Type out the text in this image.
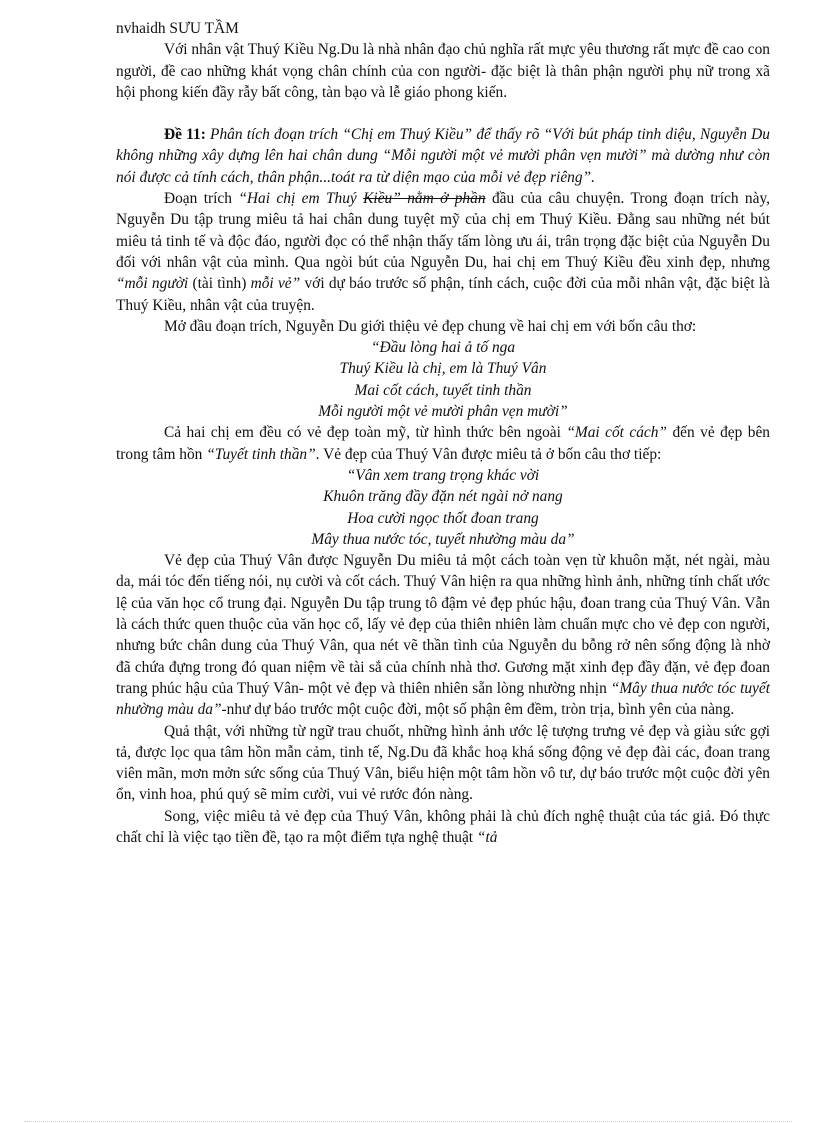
nvhaidh SƯU TẦM

Với nhân vật Thuý Kiều Ng.Du là nhà nhân đạo chủ nghĩa rất mực yêu thương rất mực đề cao con người, đề cao những khát vọng chân chính của con người- đặc biệt là thân phận người phụ nữ trong xã hội phong kiến đầy rẫy bất công, tàn bạo và lễ giáo phong kiến.

Đề 11: Phân tích đoạn trích “Chị em Thuý Kiều” để thấy rõ “Với bút pháp tinh diệu, Nguyễn Du không những xây dựng lên hai chân dung “Mỗi người một vẻ mười phân vẹn mười” mà dường như còn nói được cả tính cách, thân phận...toát ra từ diện mạo của mỗi vẻ đẹp riêng”.

Đoạn trích “Hai chị em Thuý Kiều” nằm ở phần đầu của câu chuyện. Trong đoạn trích này, Nguyễn Du tập trung miêu tả hai chân dung tuyệt mỹ của chị em Thuý Kiều. Đằng sau những nét bút miêu tả tinh tế và độc đáo, người đọc có thể nhận thấy tấm lòng ưu ái, trân trọng đặc biệt của Nguyễn Du đối với nhân vật của mình. Qua ngòi bút của Nguyễn Du, hai chị em Thuý Kiều đều xinh đẹp, nhưng “mỗi người (tài tình) mỗi vẻ” với dự báo trước số phận, tính cách, cuộc đời của mỗi nhân vật, đặc biệt là Thuý Kiều, nhân vật của truyện.

Mở đầu đoạn trích, Nguyễn Du giới thiệu vẻ đẹp chung về hai chị em với bốn câu thơ:

“Đầu lòng hai ả tố nga
Thuý Kiều là chị, em là Thuý Vân
Mai cốt cách, tuyết tinh thần
Mỗi người một vẻ mười phân vẹn mười”

Cả hai chị em đều có vẻ đẹp toàn mỹ, từ hình thức bên ngoài “Mai cốt cách” đến vẻ đẹp bên trong tâm hồn “Tuyết tinh thần”. Vẻ đẹp của Thuý Vân được miêu tả ở bốn câu thơ tiếp:

“Vân xem trang trọng khác vời
Khuôn trăng đầy đặn nét ngài nở nang
Hoa cười ngọc thốt đoan trang
Mây thua nước tóc, tuyết nhường màu da”

Vẻ đẹp của Thuý Vân được Nguyễn Du miêu tả một cách toàn vẹn từ khuôn mặt, nét ngài, màu da, mái tóc đến tiếng nói, nụ cười và cốt cách. Thuý Vân hiện ra qua những hình ảnh, những tính chất ước lệ của văn học cổ trung đại. Nguyễn Du tập trung tô đậm vẻ đẹp phúc hậu, đoan trang của Thuý Vân. Vẫn là cách thức quen thuộc của văn học cổ, lấy vẻ đẹp của thiên nhiên làm chuẩn mực cho vẻ đẹp con người, nhưng bức chân dung của Thuý Vân, qua nét vẽ thần tình của Nguyễn du bỗng rở nên sống động là nhờ đã chứa đựng trong đó quan niệm về tài sắ của chính nhà thơ. Gương mặt xinh đẹp đầy đặn, vẻ đẹp đoan trang phúc hậu của Thuý Vân- một vẻ đẹp và thiên nhiên sẵn lòng nhường nhịn “Mây thua nước tóc tuyết nhường màu da”-như dự báo trước một cuộc đời, một số phận êm đềm, tròn trịa, bình yên của nàng.

Quả thật, với những từ ngữ trau chuốt, những hình ảnh ước lệ tượng trưng vẻ đẹp và giàu sức gợi tả, được lọc qua tâm hồn mẫn cảm, tinh tế, Ng.Du đã khắc hoạ khá sống động vẻ đẹp đài các, đoan trang viên mãn, mơn mởn sức sống của Thuý Vân, biểu hiện một tâm hồn vô tư, dự báo trước một cuộc đời yên ổn, vinh hoa, phú quý sẽ mỉm cười, vui vẻ rước đón nàng.

Song, việc miêu tả vẻ đẹp của Thuý Vân, không phải là chủ đích nghệ thuật của tác giả. Đó thực chất chỉ là việc tạo tiền đề, tạo ra một điểm tựa nghệ thuật “tả
